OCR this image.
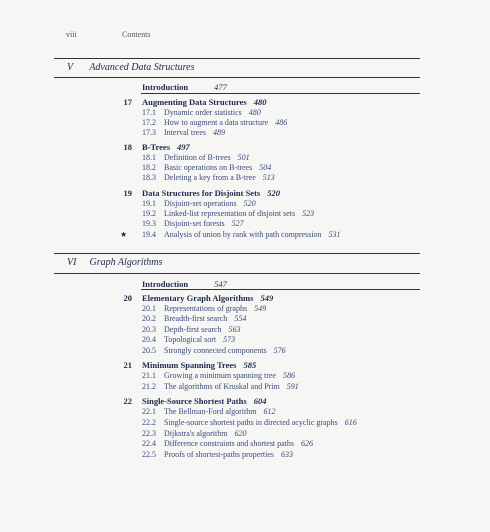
viii	Contents
V Advanced Data Structures
Introduction	477
17 Augmenting Data Structures 480
17.1 Dynamic order statistics 480
17.2 How to augment a data structure 486
17.3 Interval trees 489
18 B-Trees 497
18.1 Definition of B-trees 501
18.2 Basic operations on B-trees 504
18.3 Deleting a key from a B-tree 513
19 Data Structures for Disjoint Sets 520
19.1 Disjoint-set operations 520
19.2 Linked-list representation of disjoint sets 523
19.3 Disjoint-set forests 527
★ 19.4 Analysis of union by rank with path compression 531
VI Graph Algorithms
Introduction	547
20 Elementary Graph Algorithms 549
20.1 Representations of graphs 549
20.2 Breadth-first search 554
20.3 Depth-first search 563
20.4 Topological sort 573
20.5 Strongly connected components 576
21 Minimum Spanning Trees 585
21.1 Growing a minimum spanning tree 586
21.2 The algorithms of Kruskal and Prim 591
22 Single-Source Shortest Paths 604
22.1 The Bellman-Ford algorithm 612
22.2 Single-source shortest paths in directed acyclic graphs 616
22.3 Dijkstra's algorithm 620
22.4 Difference constraints and shortest paths 626
22.5 Proofs of shortest-paths properties 633
